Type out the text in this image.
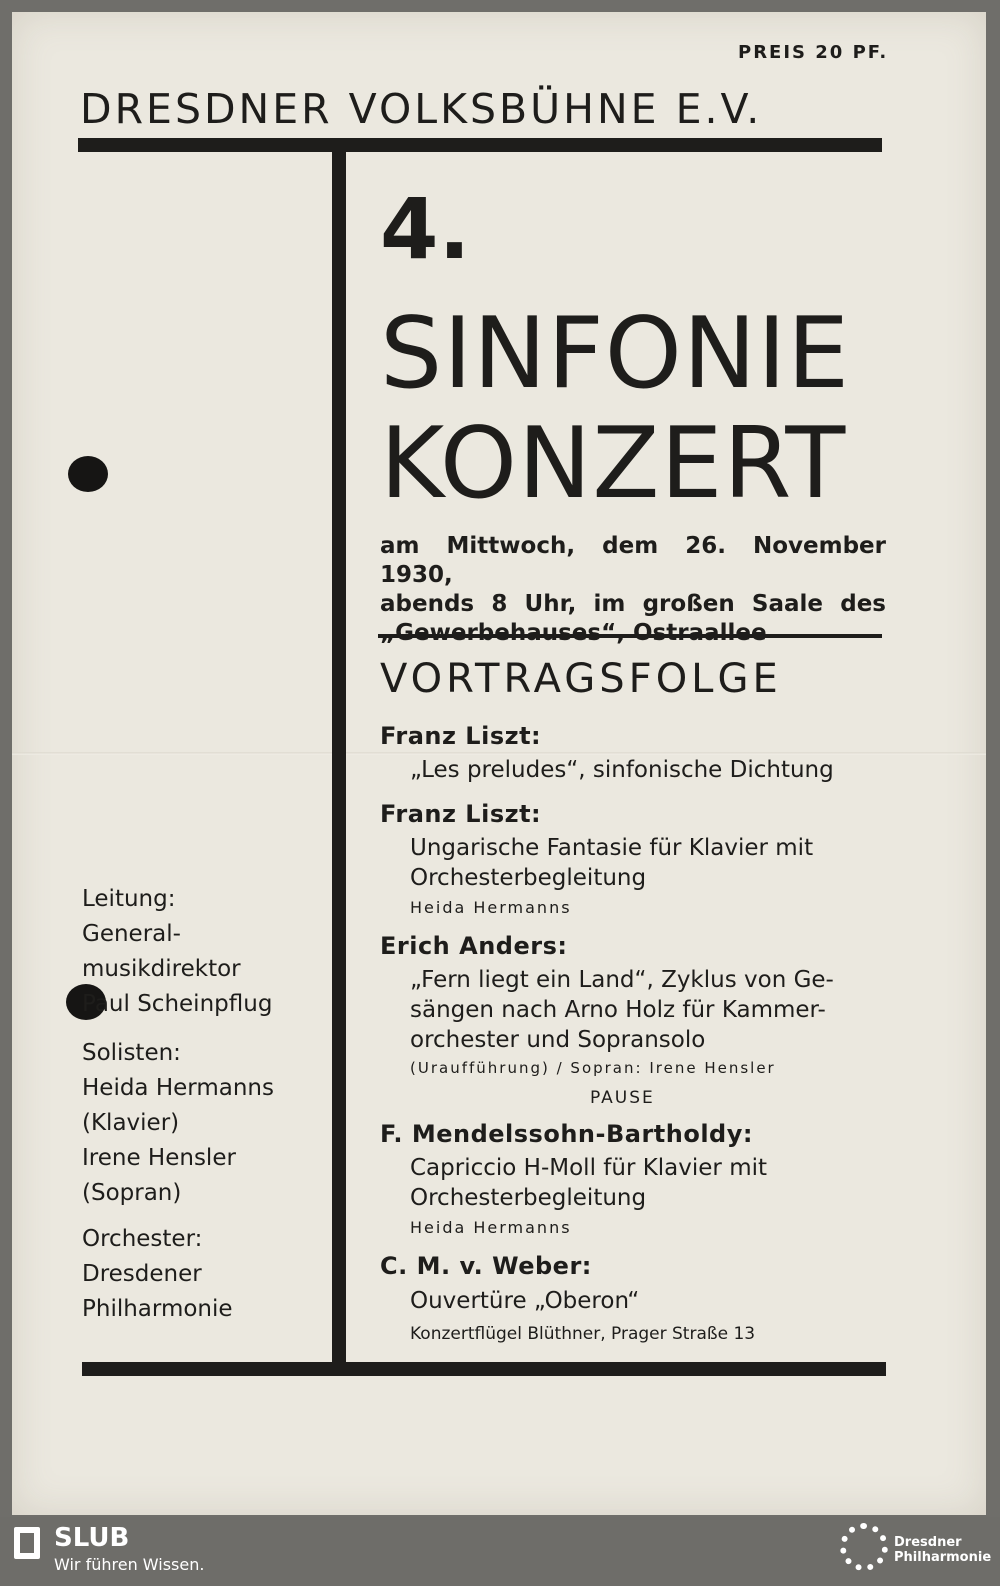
PREIS 20 PF.

DRESDNER VOLKSBÜHNE E.V.

4.

SINFONIE

KONZERT

am Mittwoch, dem 26. November 1930,
abends 8 Uhr, im großen Saale des
„Gewerbehauses“, Ostraallee

VORTRAGSFOLGE

Franz Liszt:

„Les preludes“, sinfonische Dichtung

Franz Liszt:

Ungarische Fantasie für Klavier mit
Orchesterbegleitung

Heida Hermanns

Erich Anders:

„Fern liegt ein Land“, Zyklus von Ge-
sängen nach Arno Holz für Kammer-
orchester und Sopransolo

(Uraufführung) / Sopran: Irene Hensler

PAUSE

F. Mendelssohn-Bartholdy:

Capriccio H-Moll für Klavier mit
Orchesterbegleitung

Heida Hermanns

C. M. v. Weber:

Ouvertüre „Oberon“

Konzertflügel Blüthner, Prager Straße 13

Leitung:
General-
musikdirektor
Paul Scheinpflug
Solisten:
Heida Hermanns
(Klavier)
Irene Hensler
(Sopran)
Orchester:
Dresdener
Philharmonie

SLUB

Wir führen Wissen.

Dresdner
Philharmonie
